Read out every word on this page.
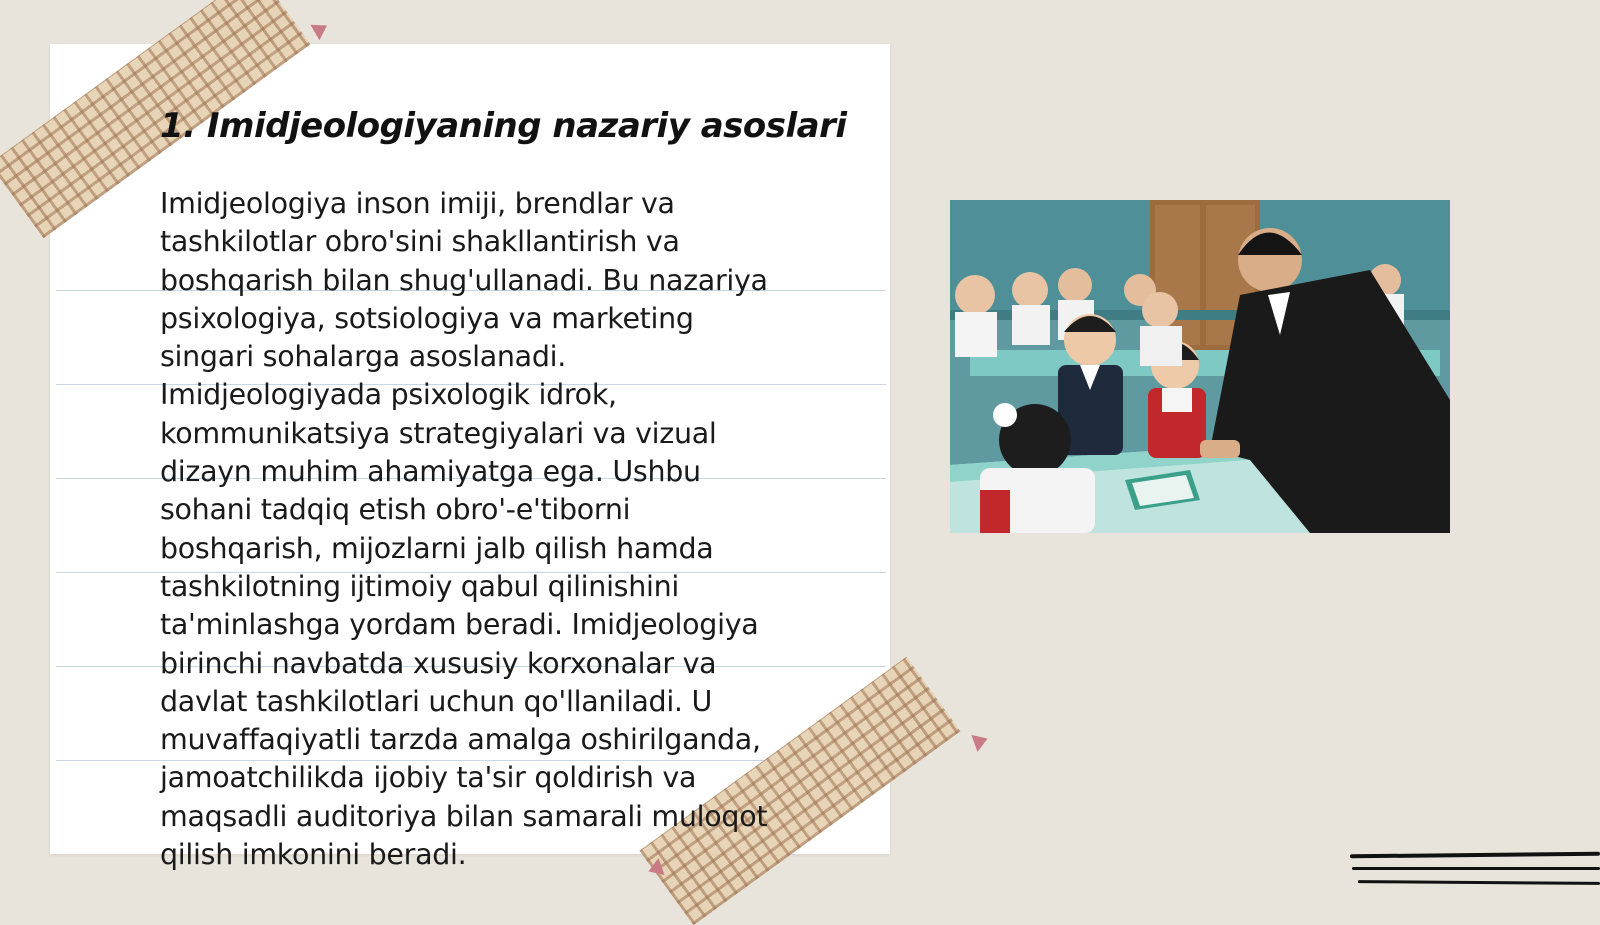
1. Imidjeologiyaning nazariy asoslari
Imidjeologiya inson imiji, brendlar va
tashkilotlar obro'sini shakllantirish va
boshqarish bilan shug'ullanadi. Bu nazariya
psixologiya, sotsiologiya va marketing
singari sohalarga asoslanadi.
Imidjeologiyada psixologik idrok,
kommunikatsiya strategiyalari va vizual
dizayn muhim ahamiyatga ega. Ushbu
sohani tadqiq etish obro'-e'tiborni
boshqarish, mijozlarni jalb qilish hamda
tashkilotning ijtimoiy qabul qilinishini
ta'minlashga yordam beradi. Imidjeologiya
birinchi navbatda xususiy korxonalar va
davlat tashkilotlari uchun qo'llaniladi. U
muvaffaqiyatli tarzda amalga oshirilganda,
jamoatchilikda ijobiy ta'sir qoldirish va
maqsadli auditoriya bilan samarali muloqot
qilish imkonini beradi.
